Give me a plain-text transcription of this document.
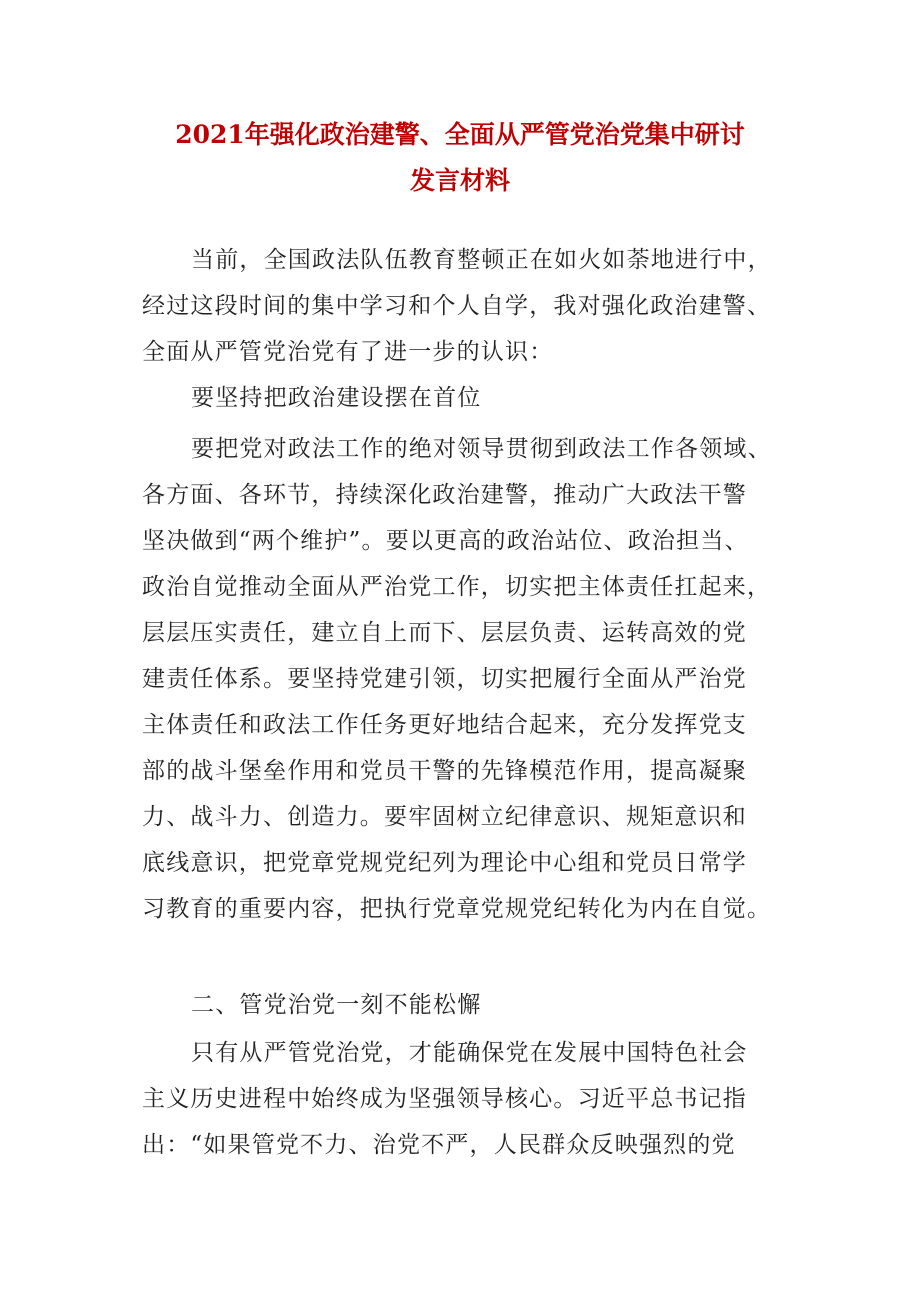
2021年强化政治建警、全面从严管党治党集中研讨
发言材料

当前，全国政法队伍教育整顿正在如火如荼地进行中，

经过这段时间的集中学习和个人自学，我对强化政治建警、

全面从严管党治党有了进一步的认识：

要坚持把政治建设摆在首位

要把党对政法工作的绝对领导贯彻到政法工作各领域、

各方面、各环节，持续深化政治建警，推动广大政法干警

坚决做到“两个维护”。要以更高的政治站位、政治担当、

政治自觉推动全面从严治党工作，切实把主体责任扛起来，

层层压实责任，建立自上而下、层层负责、运转高效的党

建责任体系。要坚持党建引领，切实把履行全面从严治党

主体责任和政法工作任务更好地结合起来，充分发挥党支

部的战斗堡垒作用和党员干警的先锋模范作用，提高凝聚

力、战斗力、创造力。要牢固树立纪律意识、规矩意识和

底线意识，把党章党规党纪列为理论中心组和党员日常学

习教育的重要内容，把执行党章党规党纪转化为内在自觉。

二、管党治党一刻不能松懈

只有从严管党治党，才能确保党在发展中国特色社会

主义历史进程中始终成为坚强领导核心。习近平总书记指

出：“如果管党不力、治党不严，人民群众反映强烈的党
